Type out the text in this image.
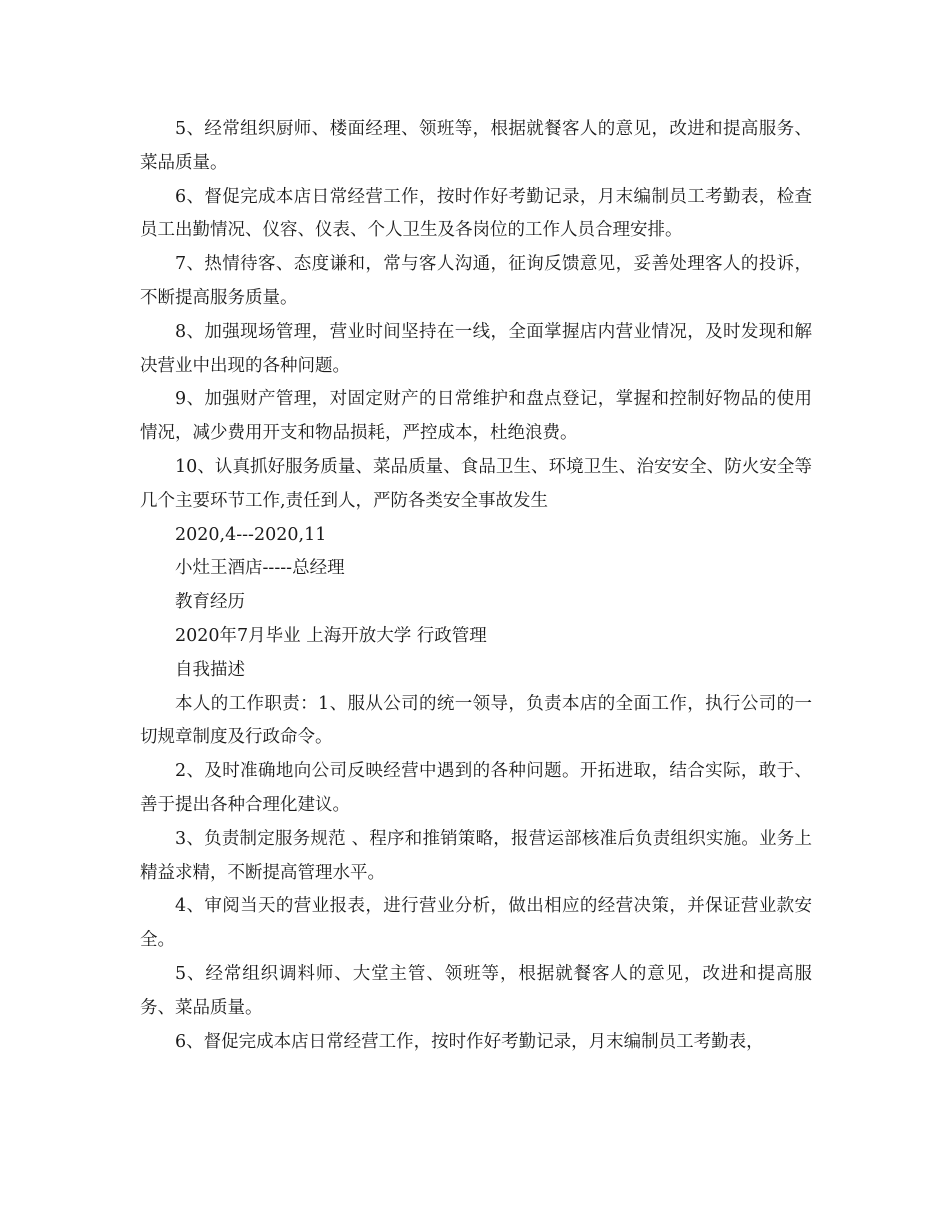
5、经常组织厨师、楼面经理、领班等，根据就餐客人的意见，改进和提高服务、菜品质量。

6、督促完成本店日常经营工作，按时作好考勤记录，月末编制员工考勤表，检查员工出勤情况、仪容、仪表、个人卫生及各岗位的工作人员合理安排。

7、热情待客、态度谦和，常与客人沟通，征询反馈意见，妥善处理客人的投诉，不断提高服务质量。

8、加强现场管理，营业时间坚持在一线，全面掌握店内营业情况，及时发现和解决营业中出现的各种问题。

9、加强财产管理，对固定财产的日常维护和盘点登记，掌握和控制好物品的使用情况，减少费用开支和物品损耗，严控成本，杜绝浪费。

10、认真抓好服务质量、菜品质量、食品卫生、环境卫生、治安安全、防火安全等几个主要环节工作,责任到人，严防各类安全事故发生

2020,4---2020,11

小灶王酒店-----总经理

教育经历

2020年7月毕业 上海开放大学 行政管理

自我描述

本人的工作职责：1、服从公司的统一领导，负责本店的全面工作，执行公司的一切规章制度及行政命令。

2、及时准确地向公司反映经营中遇到的各种问题。开拓进取，结合实际，敢于、善于提出各种合理化建议。

3、负责制定服务规范 、程序和推销策略，报营运部核准后负责组织实施。业务上精益求精，不断提高管理水平。

4、审阅当天的营业报表，进行营业分析，做出相应的经营决策，并保证营业款安全。

5、经常组织调料师、大堂主管、领班等，根据就餐客人的意见，改进和提高服务、菜品质量。

6、督促完成本店日常经营工作，按时作好考勤记录，月末编制员工考勤表，
